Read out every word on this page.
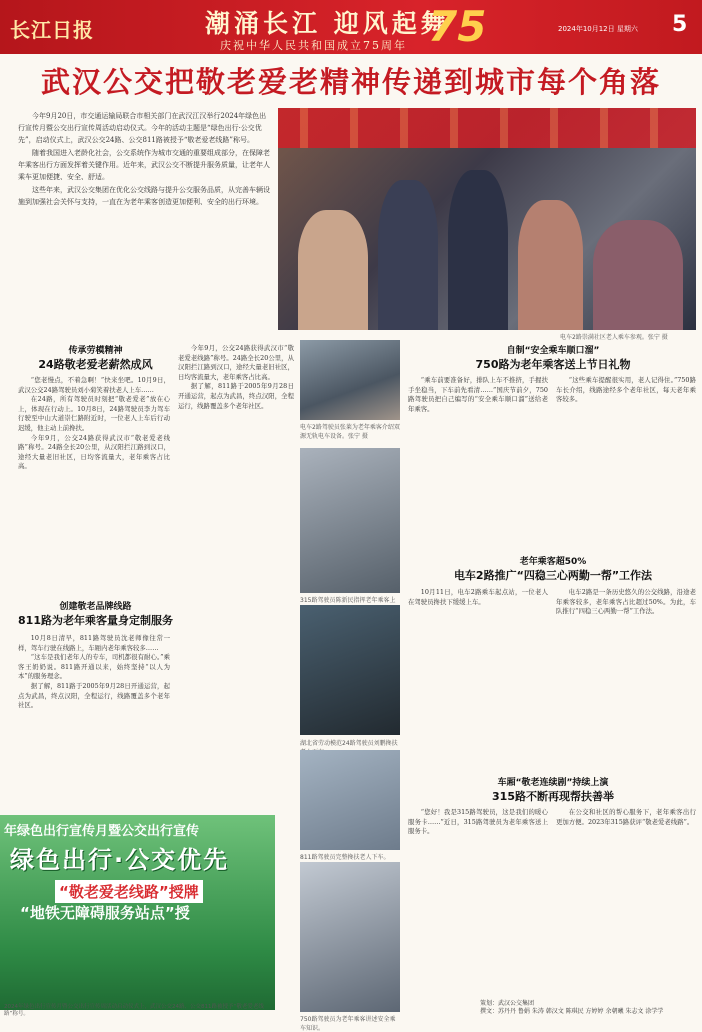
长江日报	潮涌长江 迎风起舞
75
庆祝中华人民共和国成立75周年
2024年10月12日 星期六 5
武汉公交把敬老爱老精神传递到城市每个角落

今年9月20日，市交通运输局联合市相关部门在武汉江汉举行2024年绿色出行宣传月暨公交出行宣传周活动启动仪式。今年的活动主题是“绿色出行·公交优先”，启动仪式上，武汉公交24路、公交811路被授予“敬老爱老线路”称号。

随着我国进入老龄化社会，公交系统作为城市交通的重要组成部分，在保障老年乘客出行方面发挥着关键作用。近年来，武汉公交不断提升服务质量，让老年人乘车更加便捷、安全、舒适。

这些年来，武汉公交集团在优化公交线路与提升公交服务品质，从完善车辆设施到加强社会关怀与支持，一直在为老年乘客创造更加便利、安全的出行环境。

电车2路崇满社区老人乘车参观。张宁 摄
传承劳模精神
24路敬老爱老薪然成风

“您老慢点，不着急啊！”快来坐吧。10月9日，武汉公交24路驾驶员刘小菊笑着扶老人上车……

在24路，所有驾驶员时刻把“敬老爱老”放在心上，体现在行动上。10月8日，24路驾驶员李力驾车行驶至中山大道崇仁路附近时，一位老人上车后行动迟缓，他主动上前搀扶。

今年9月，公交24路获得武汉市“敬老爱老线路”称号。24路全长20公里，从汉阳拦江路到汉口，途经大量老旧社区，日均客流量大，老年乘客占比高。

创建敬老品牌线路
811路为老年乘客量身定制服务

10月8日清早，811路驾驶员沈老师像往常一样，驾车行驶在线路上，车厢内老年乘客较多……

“这车是我们老年人的专车，司机都很有耐心。”乘客王奶奶说。811路开通以来，始终坚持“以人为本”的服务理念。

据了解，811路于2005年9月28日开通运营，起点为武昌，终点汉阳，全程运行，线路覆盖多个老年社区。

电车2路驾驶员张莱为老年乘客介绍双源无轨电车设备。张宁 摄
315路驾驶员陈新民指挥老年乘客上
湖北省劳动模范24路驾驶员刘鹏搀扶
811路驾驶员完整搀扶老人下车。
750路驾驶员为老年乘客讲述安全乘车知识。

今年9月，公交24路获得武汉市“敬老爱老线路”称号。24路全长20公里，从汉阳拦江路到汉口，途经大量老旧社区，日均客流量大，老年乘客占比高。

据了解，811路于2005年9月28日开通运营，起点为武昌，终点汉阳，全程运行，线路覆盖多个老年社区。

自制“安全乘车顺口溜”
750路为老年乘客送上节日礼物

“乘车前要准备好，排队上车不推挤，手握扶手坐稳当，下车前先看清……”国庆节前夕，750路驾驶员把自己编写的“安全乘车顺口溜”送给老年乘客。

“这些乘车提醒很实用，老人记得住。”750路车长介绍，线路途经多个老年社区，每天老年乘客较多。

老年乘客超50%
电车2路推广“四稳三心两勤一帮”工作法

10月11日，电车2路乘车起点站，一位老人在驾驶员搀扶下缓缓上车。

电车2路是一条历史悠久的公交线路，沿途老年乘客较多，老年乘客占比超过50%。为此，车队推行“四稳三心两勤一帮”工作法。

车厢“敬老连续剧”持续上演
315路不断再现帮扶善举

“您好！我是315路驾驶员，这是我们的暖心服务卡……”近日，315路驾驶员为老年乘客送上服务卡。

在公交和社区的帮心服务下，老年乘客出行更加方便。2023年315路获评“敬老爱老线路”。

年绿色出行宣传月暨公交出行宣传
绿色出行·公交优先
“敬老爱老线路”授牌
“地铁无障碍服务站点”授
2024年绿色出行宣传月暨公交出行宣传周活动启动仪式上，武汉公交24路、公交811路被授予“敬老爱老线路”称号。
策划：武汉公交集团
撰文：苏丹丹 鲁娟 朱涛 韩汉文 陈琪民 方婷婷 余朝曦 朱志文 涂学学
